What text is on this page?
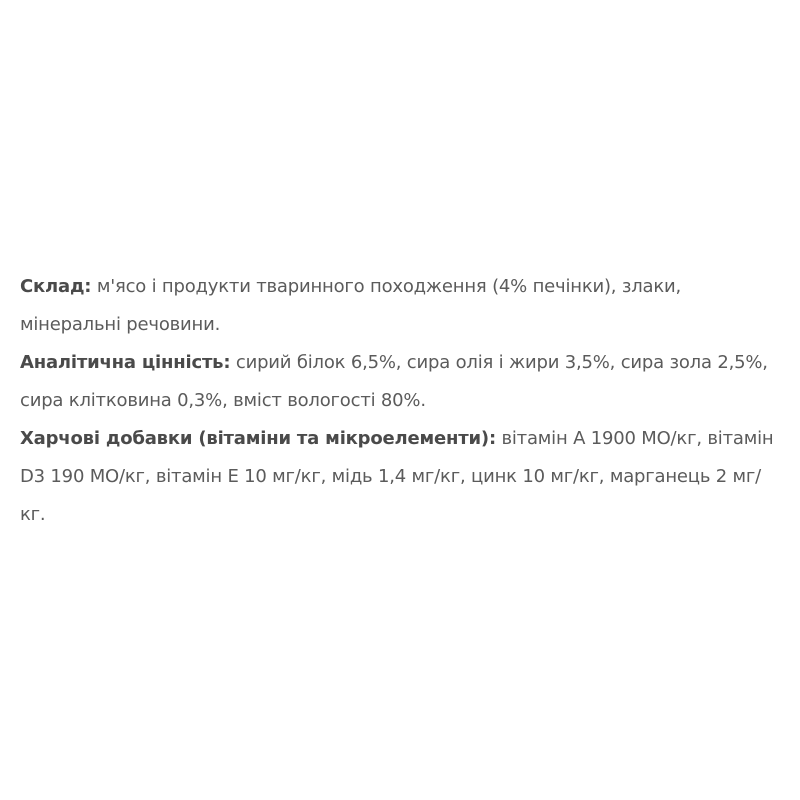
Склад: м'ясо і продукти тваринного походження (4% печінки), злаки, мінеральні речовини.

Аналітична цінність: сирий білок 6,5%, сира олія і жири 3,5%, сира зола 2,5%, сира клітковина 0,3%, вміст вологості 80%.

Харчові добавки (вітаміни та мікроелементи): вітамін A 1900 МО/кг, вітамін D3 190 МО/кг, вітамін E 10 мг/кг, мідь 1,4 мг/кг, цинк 10 мг/кг, марганець 2 мг/кг.
